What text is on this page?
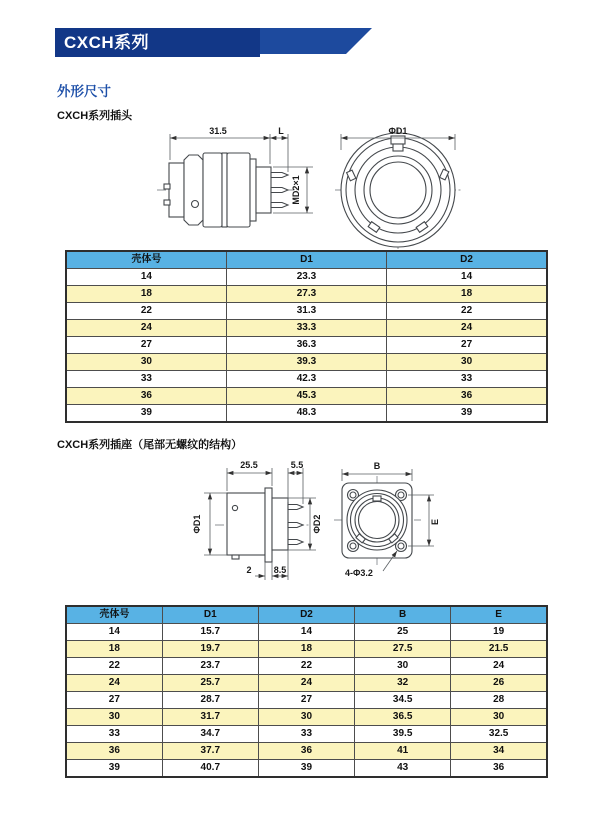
CXCH系列
外形尺寸
CXCH系列插头
CXCH系列插座（尾部无螺纹的结构）
31.5	L
MD2×1
ΦD1
壳体号	D1	D2
14	23.3	14
18	27.3	18
22	31.3	22
24	33.3	24
27	36.3	27
30	39.3	30
33	42.3	33
36	45.3	36
39	48.3	39
ΦD1	ΦD2
25.5	5.5
2 8.5
B
E
4-Φ3.2
壳体号	D1	D2	B	E
14	15.7	14	25	19
18	19.7	18	27.5	21.5
22	23.7	22	30	24
24	25.7	24	32	26
27	28.7	27	34.5	28
30	31.7	30	36.5	30
33	34.7	33	39.5	32.5
36	37.7	36	41	34
39	40.7	39	43	36
